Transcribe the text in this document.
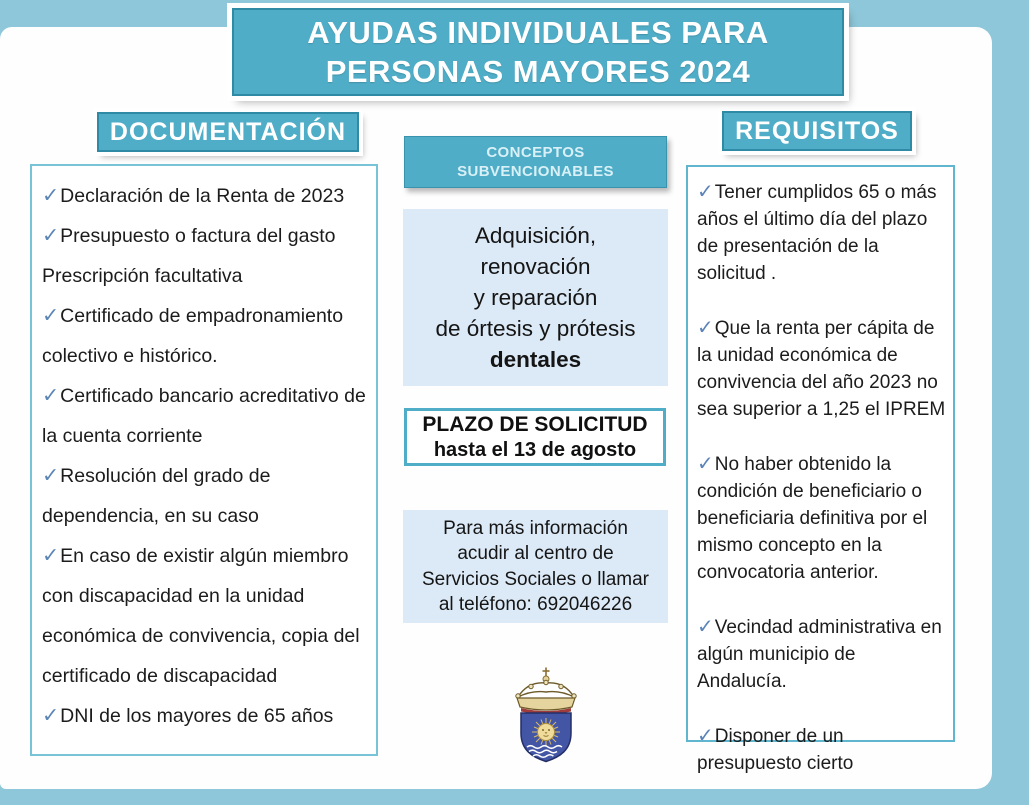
AYUDAS INDIVIDUALES PARA
PERSONAS MAYORES 2024
DOCUMENTACIÓN
✓Declaración de la Renta de 2023
✓Presupuesto o factura del gasto
Prescripción facultativa
✓Certificado de empadronamiento colectivo e histórico.
✓Certificado bancario acreditativo de la cuenta corriente
✓Resolución del grado de dependencia, en su caso
✓En caso de existir algún miembro con discapacidad en la unidad económica de convivencia, copia del certificado de discapacidad
✓DNI de los mayores de 65 años
CONCEPTOS
SUBVENCIONABLES
Adquisición,
renovación
y reparación
de órtesis y prótesis
dentales
PLAZO DE SOLICITUD
hasta el 13 de agosto
Para más información
acudir al centro de
Servicios Sociales o llamar
al teléfono: 692046226
REQUISITOS
✓Tener cumplidos 65 o más años el último día del plazo de presentación de la solicitud .
✓Que la renta per cápita de la unidad económica de convivencia del año 2023 no sea superior a 1,25 el IPREM
✓No haber obtenido la condición de beneficiario o beneficiaria definitiva por el mismo concepto en la convocatoria anterior.
✓Vecindad administrativa en algún municipio de Andalucía.
✓Disponer de un presupuesto cierto
